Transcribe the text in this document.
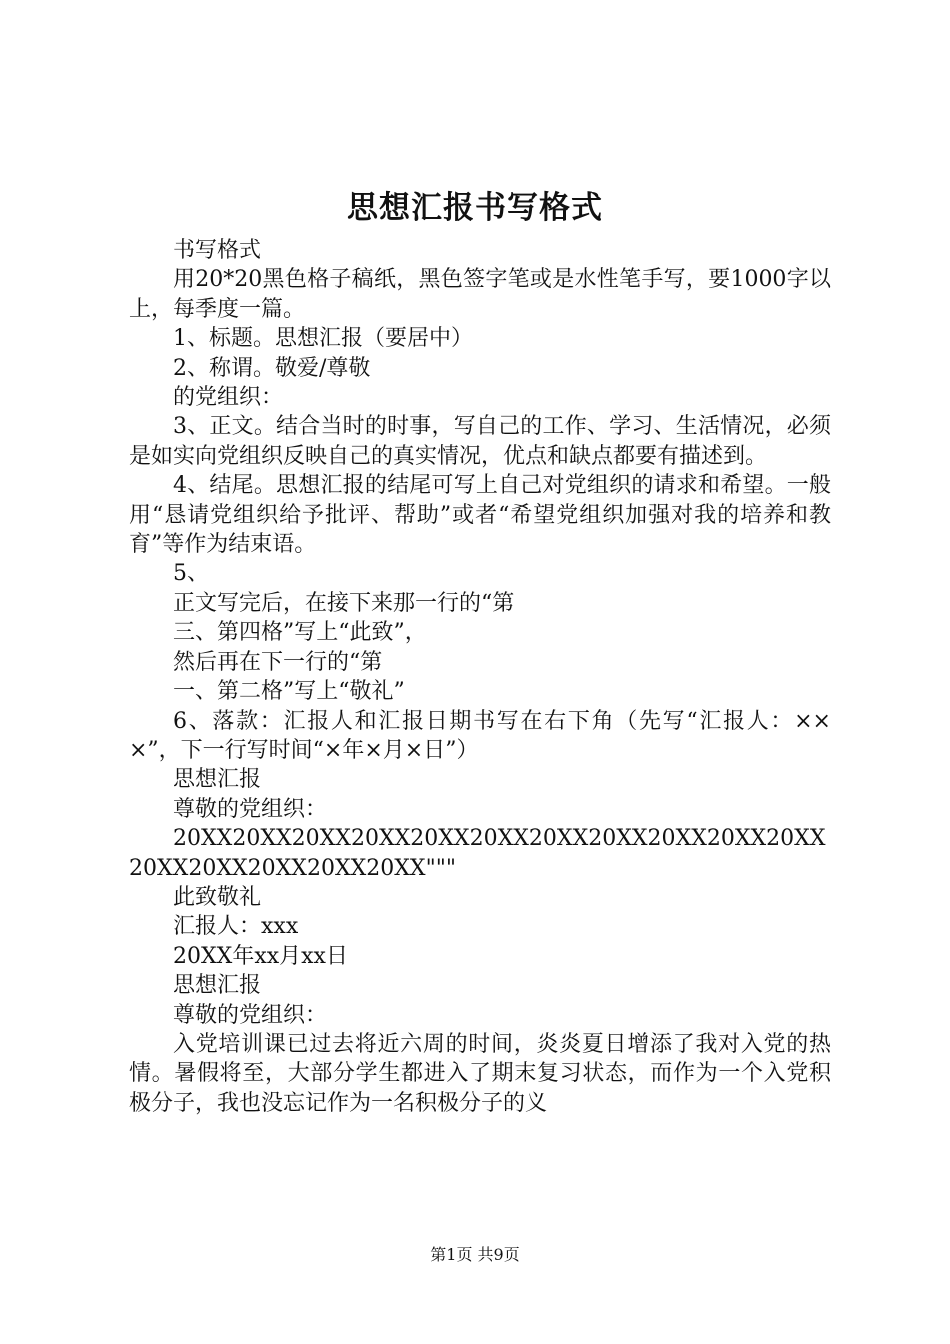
思想汇报书写格式

书写格式

用20*20黑色格子稿纸，黑色签字笔或是水性笔手写，要1000字以上，每季度一篇。

1、标题。思想汇报（要居中）

2、称谓。敬爱/尊敬

的党组织：

3、正文。结合当时的时事，写自己的工作、学习、生活情况，必须是如实向党组织反映自己的真实情况，优点和缺点都要有描述到。

4、结尾。思想汇报的结尾可写上自己对党组织的请求和希望。一般用“恳请党组织给予批评、帮助”或者“希望党组织加强对我的培养和教育”等作为结束语。

5、

正文写完后，在接下来那一行的“第

三、第四格”写上“此致”，

然后再在下一行的“第

一、第二格”写上“敬礼”

6、落款：汇报人和汇报日期书写在右下角（先写“汇报人：×××”，下一行写时间“×年×月×日”）

思想汇报

尊敬的党组织：

20XX20XX20XX20XX20XX20XX20XX20XX20XX20XX20XX20XX20XX20XX20XX20XX"""

此致敬礼

汇报人：xxx

20XX年xx月xx日

思想汇报

尊敬的党组织：

入党培训课已过去将近六周的时间，炎炎夏日增添了我对入党的热情。暑假将至，大部分学生都进入了期末复习状态，而作为一个入党积极分子，我也没忘记作为一名积极分子的义

第1页 共9页
